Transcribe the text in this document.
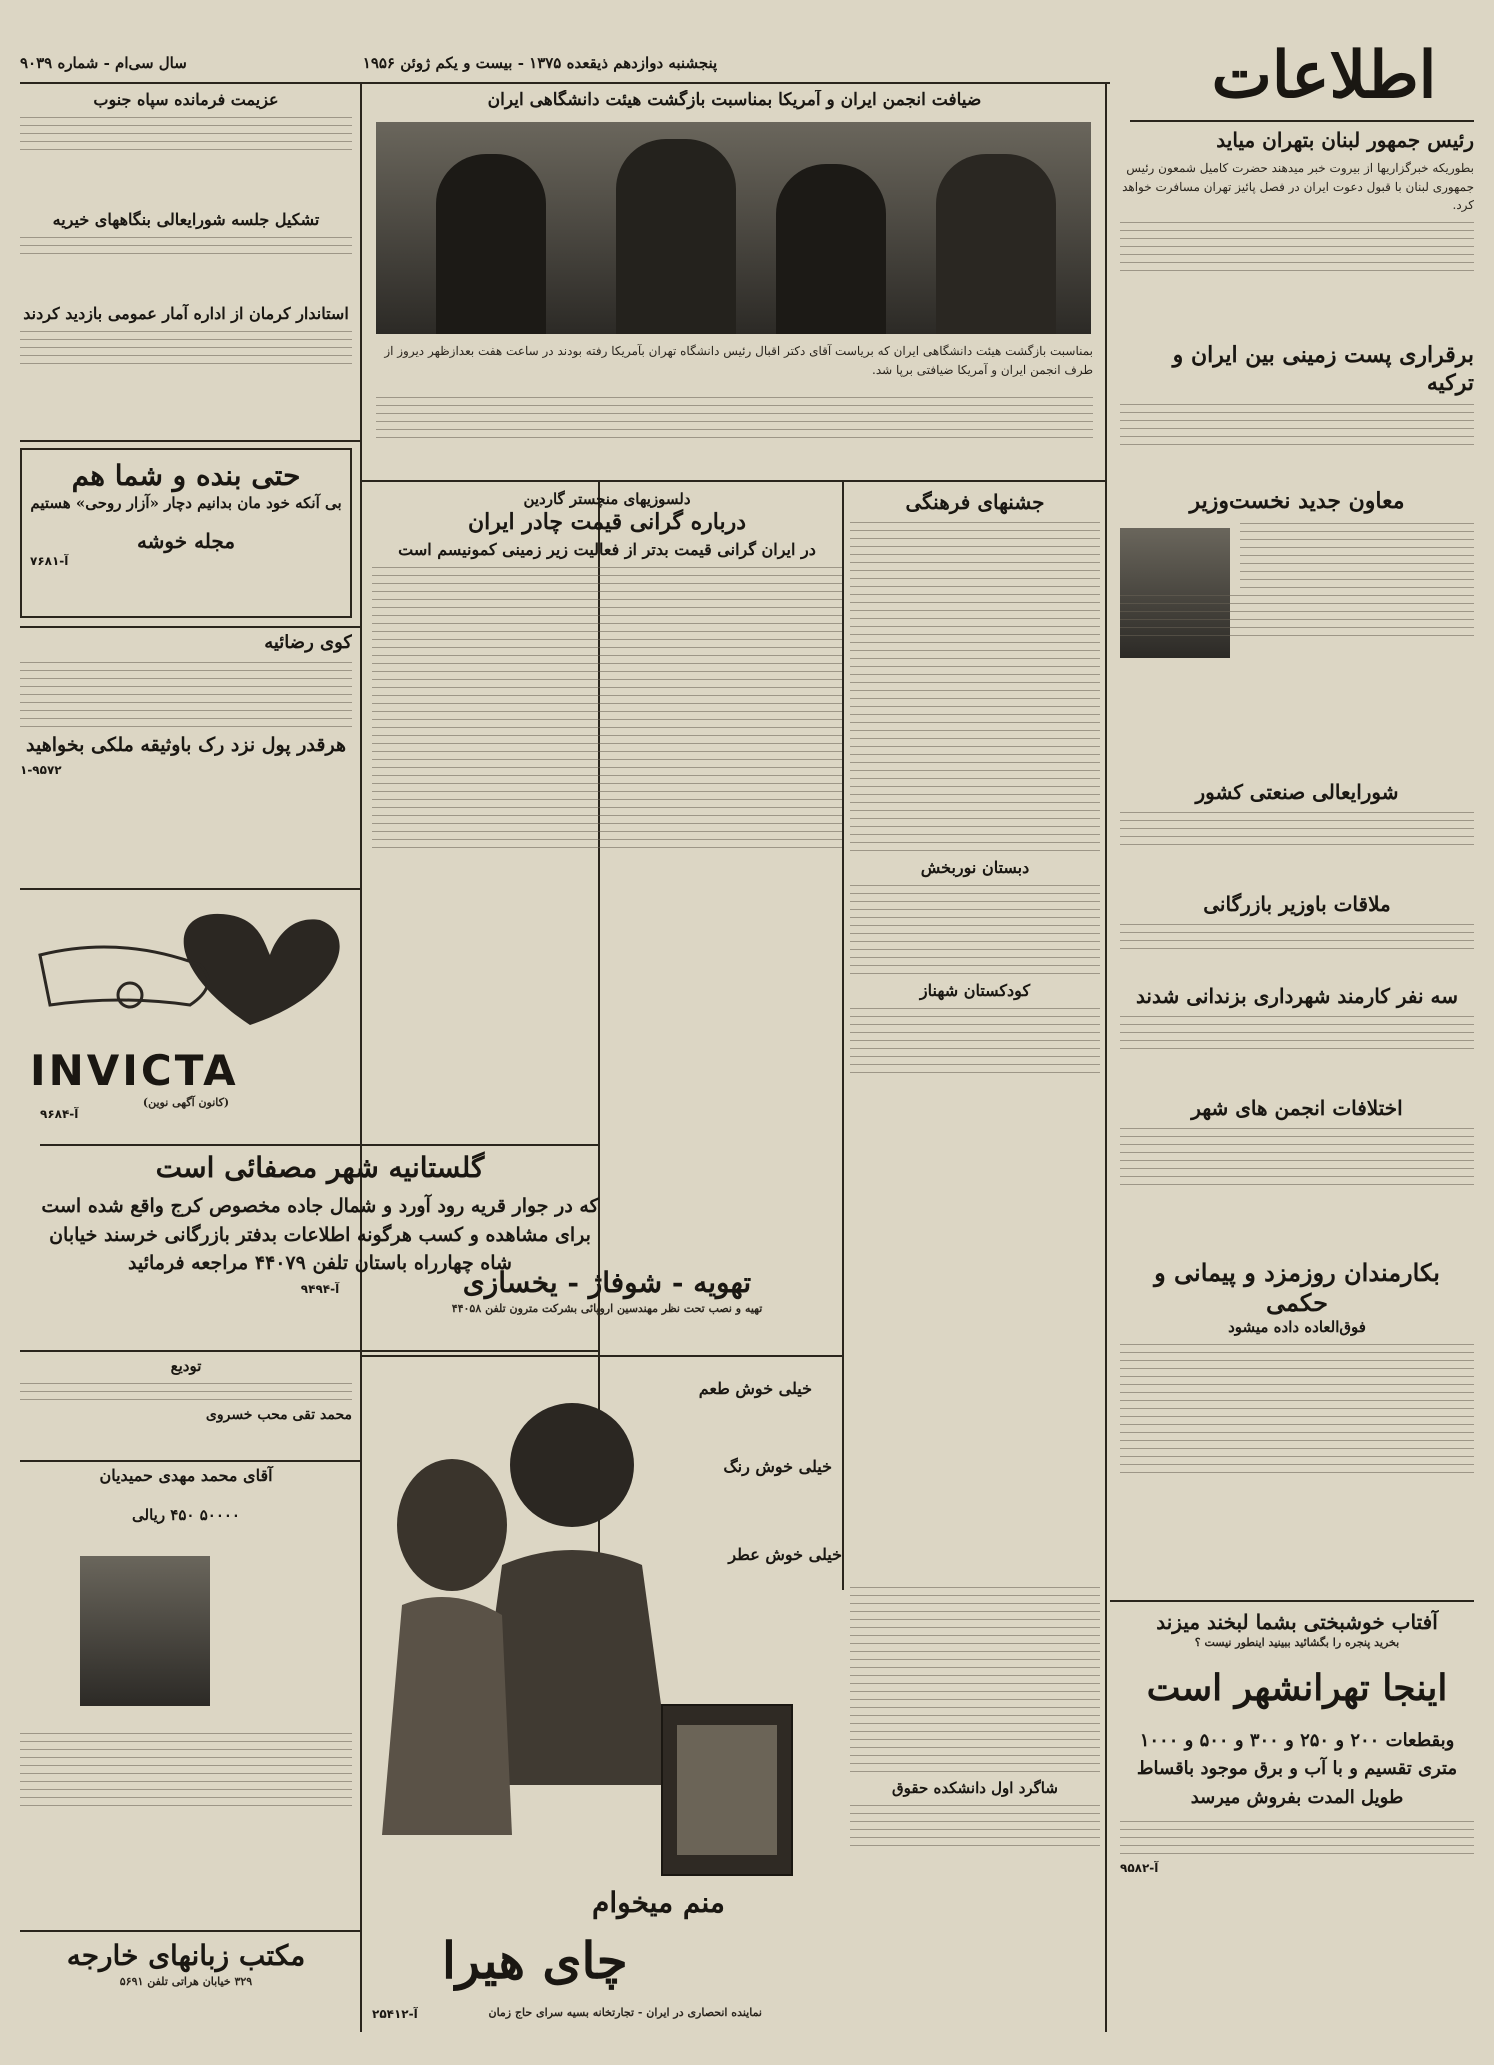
اطلاعات
پنجشنبه دوازدهم ذیقعده ۱۳۷۵ - بیست و یکم ژوئن ۱۹۵۶
سال سی‌ام - شماره ۹۰۳۹
رئیس جمهور لبنان بتهران میاید
بطوریکه خبرگزاریها از بیروت خبر میدهند حضرت کامیل شمعون رئیس جمهوری لبنان با قبول دعوت ایران در فصل پائیز تهران مسافرت خواهد کرد.
برقراری پست زمینی بین ایران و ترکیه
معاون جدید نخست‌وزیر
شورایعالی صنعتی کشور
ملاقات باوزیر بازرگانی
سه نفر کارمند شهرداری بزندانی شدند
اختلافات انجمن های شهر
بکارمندان روزمزد و پیمانی و حکمی
فوق‌العاده داده میشود
آفتاب خوشبختی بشما لبخند میزند
بخرید پنجره را بگشائید ببینید اینطور نیست ؟
اینجا تهرانشهر است
وبقطعات ۲۰۰ و ۲۵۰ و ۳۰۰ و ۵۰۰ و ۱۰۰۰ متری تقسیم و با آب و برق موجود باقساط طویل المدت بفروش میرسد
آ-۹۵۸۲
ضیافت انجمن ایران و آمریکا بمناسبت بازگشت هیئت دانشگاهی ایران
بمناسبت بازگشت هیئت دانشگاهی ایران که بریاست آقای دکتر اقبال رئیس دانشگاه تهران بآمریکا رفته بودند در ساعت هفت بعدازظهر دیروز از طرف انجمن ایران و آمریکا ضیافتی برپا شد.
جشنهای فرهنگی
دبستان نوربخش
کودکستان شهناز
دلسوزیهای منچستر گاردین
درباره گرانی قیمت چادر ایران
در ایران گرانی قیمت بدتر از فعالیت زیر زمینی کمونیسم است
گلستانیه شهر مصفائی است
که در جوار قریه رود آورد و شمال جاده مخصوص کرج واقع شده است برای مشاهده و کسب هرگونه اطلاعات بدفتر بازرگانی خرسند خیابان شاه چهارراه باستان تلفن ۴۴۰۷۹ مراجعه فرمائید
آ-۹۴۹۴	تهویه - شوفاژ - یخسازی
تهیه و نصب تحت نظر مهندسین اروپائی بشرکت مترون تلفن ۴۴۰۵۸
خیلی خوش طعم
خیلی خوش رنگ
خیلی خوش عطر
منم میخوام
چای هیرا
نماینده انحصاری در ایران - تجارتخانه بسیه سرای حاج زمان
آ-۲۵۴۱۲
شاگرد اول دانشکده حقوق
عزیمت فرمانده سپاه جنوب
تشکیل جلسه شورایعالی بنگاههای خیریه
استاندار کرمان از اداره آمار عمومی بازدید کردند
حتی بنده و شما هم
بی آنکه خود مان بدانیم دچار «آزار روحی» هستیم
مجله خوشه
آ-۷۶۸۱
کوی رضائیه
هرقدر پول نزد رک باوثیقه ملکی بخواهید
۱-۹۵۷۲
INVICTA
(کانون آگهی نوین)
آ-۹۶۸۴
تودیع
محمد تقی محب خسروی
آقای محمد مهدی حمیدیان
۵۰۰۰۰ ۴۵۰ ریالی
مکتب زبانهای خارجه
۳۲۹ خیابان هراتی تلفن ۵۶۹۱
